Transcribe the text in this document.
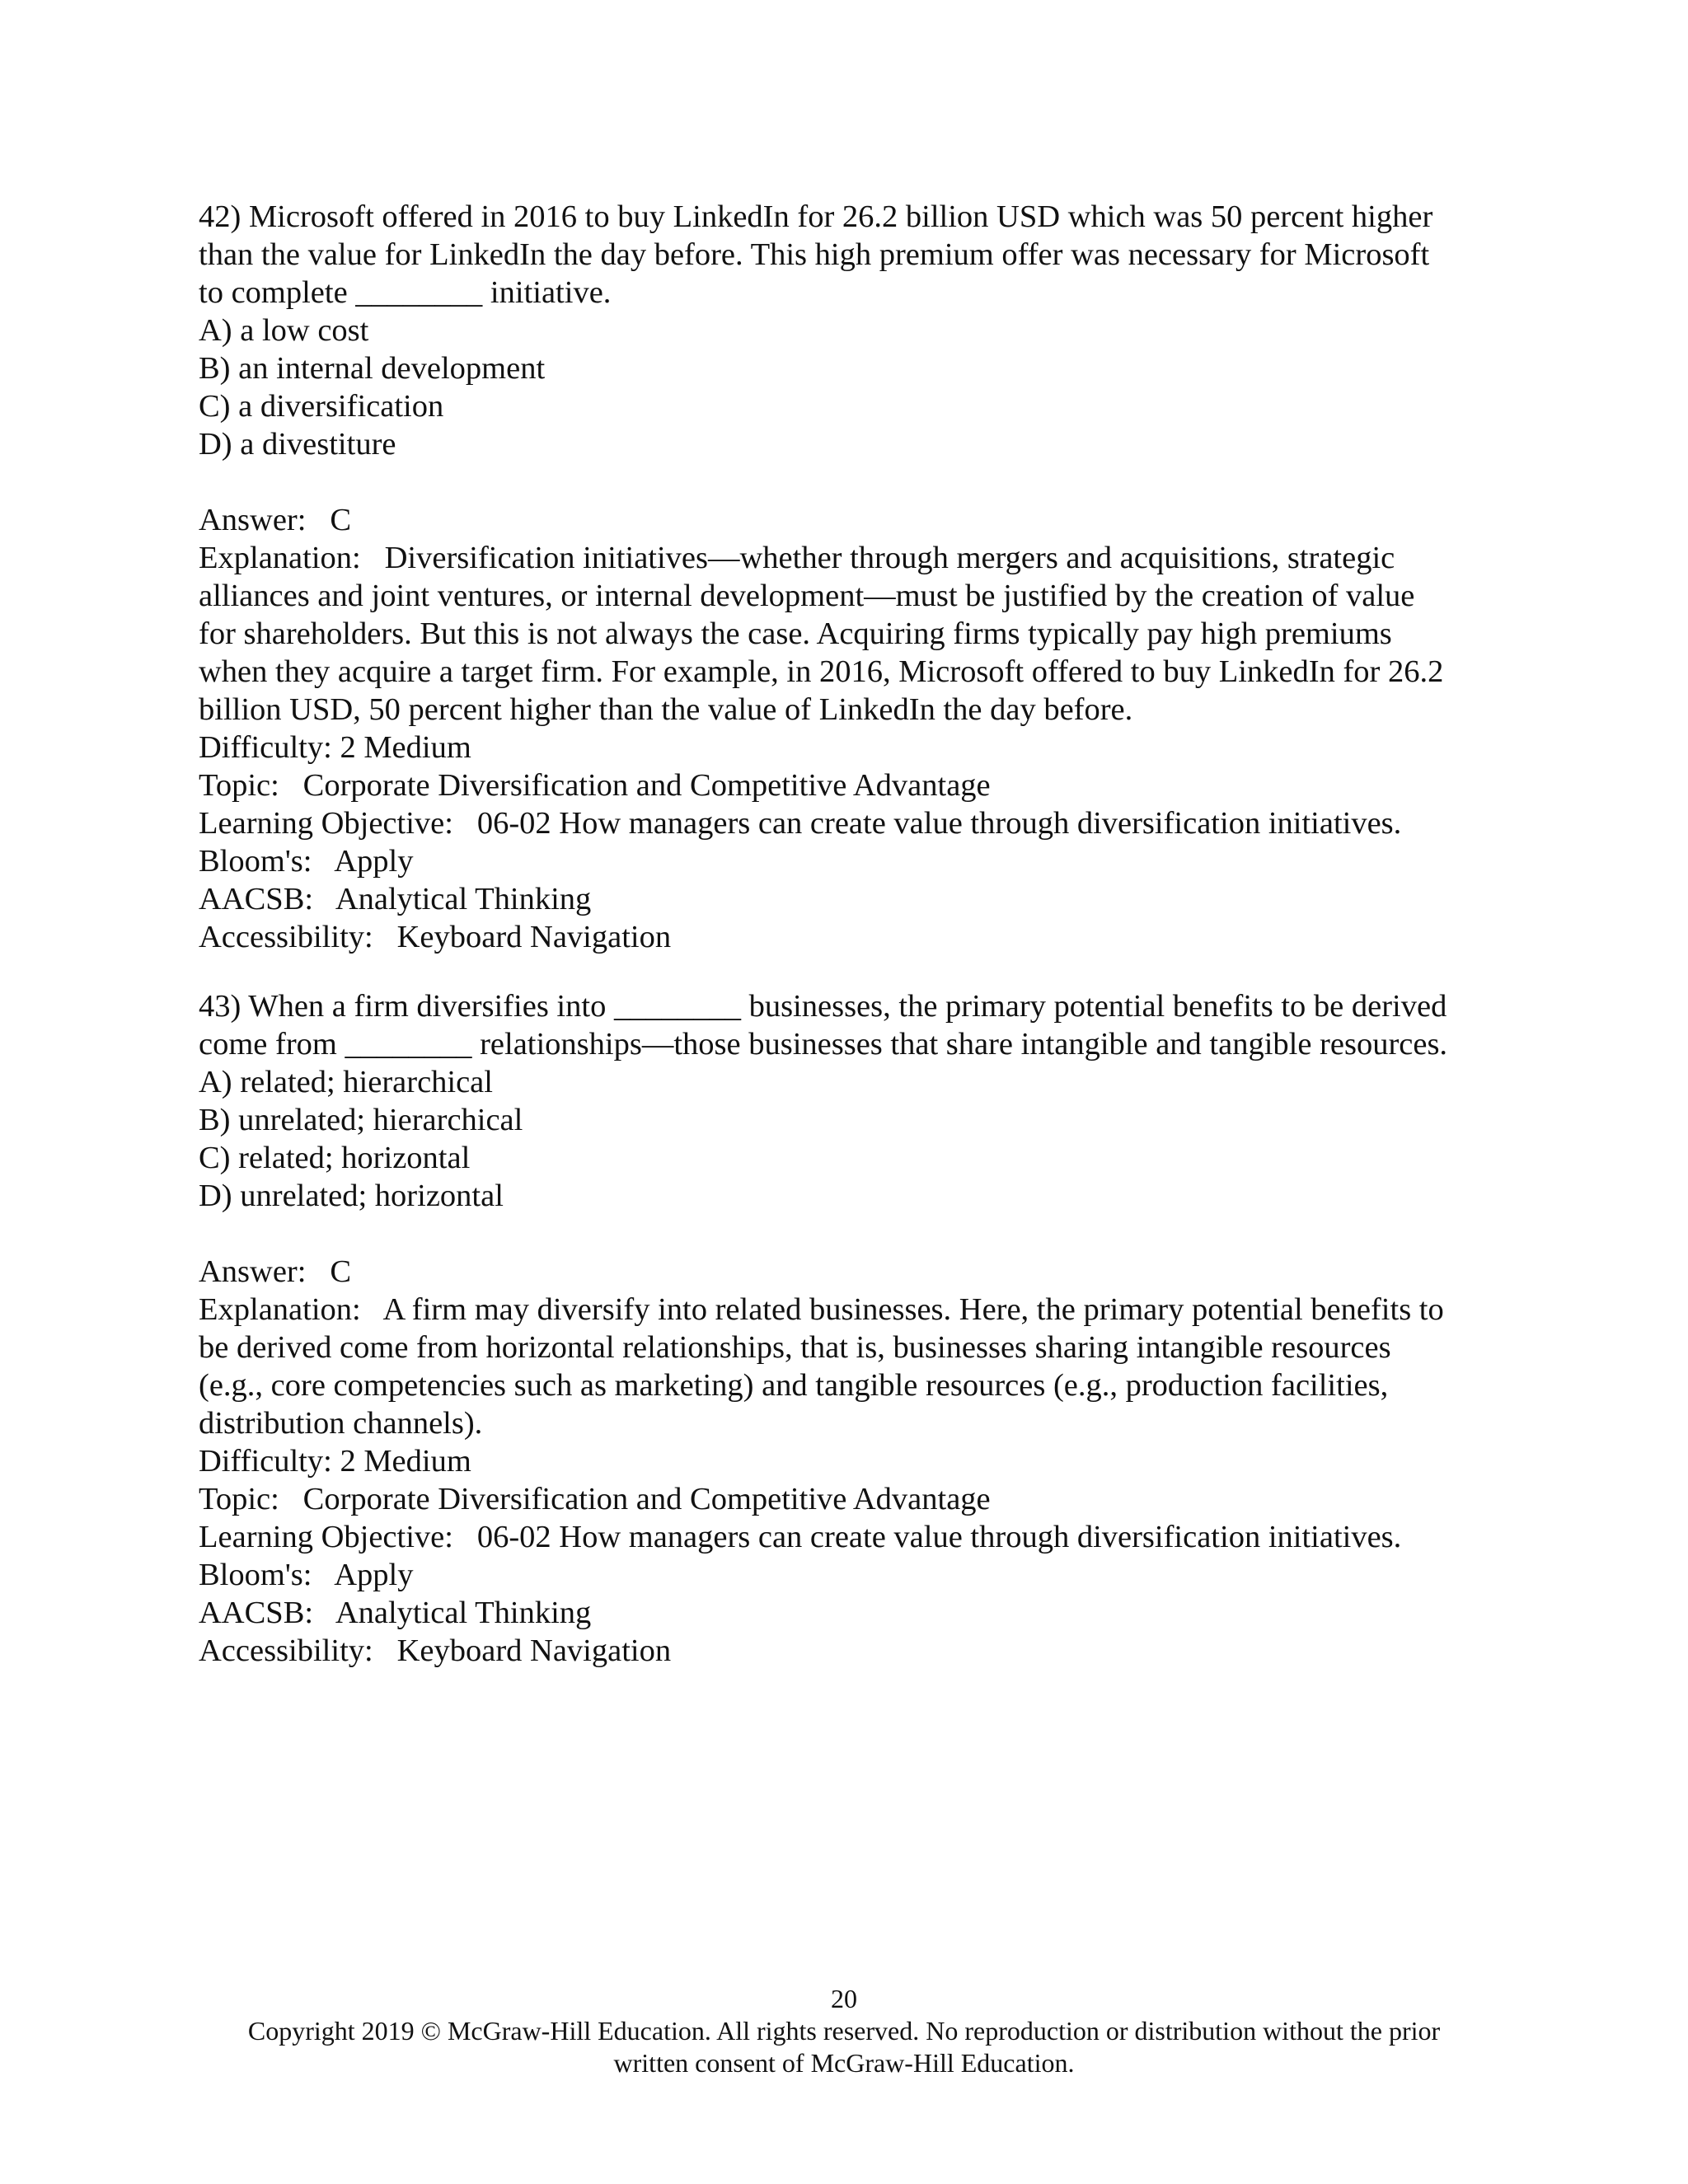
42) Microsoft offered in 2016 to buy LinkedIn for 26.2 billion USD which was 50 percent higher
than the value for LinkedIn the day before. This high premium offer was necessary for Microsoft
to complete ________ initiative.
A) a low cost
B) an internal development
C) a diversification
D) a divestiture
Answer:   C
Explanation:   Diversification initiatives—whether through mergers and acquisitions, strategic
alliances and joint ventures, or internal development—must be justified by the creation of value
for shareholders. But this is not always the case. Acquiring firms typically pay high premiums
when they acquire a target firm. For example, in 2016, Microsoft offered to buy LinkedIn for 26.2
billion USD, 50 percent higher than the value of LinkedIn the day before.
Difficulty: 2 Medium
Topic:   Corporate Diversification and Competitive Advantage
Learning Objective:   06-02 How managers can create value through diversification initiatives.
Bloom's:   Apply
AACSB:   Analytical Thinking
Accessibility:   Keyboard Navigation
43) When a firm diversifies into ________ businesses, the primary potential benefits to be derived
come from ________ relationships—those businesses that share intangible and tangible resources.
A) related; hierarchical
B) unrelated; hierarchical
C) related; horizontal
D) unrelated; horizontal
Answer:   C
Explanation:   A firm may diversify into related businesses. Here, the primary potential benefits to
be derived come from horizontal relationships, that is, businesses sharing intangible resources
(e.g., core competencies such as marketing) and tangible resources (e.g., production facilities,
distribution channels).
Difficulty: 2 Medium
Topic:   Corporate Diversification and Competitive Advantage
Learning Objective:   06-02 How managers can create value through diversification initiatives.
Bloom's:   Apply
AACSB:   Analytical Thinking
Accessibility:   Keyboard Navigation
20
Copyright 2019 © McGraw-Hill Education. All rights reserved. No reproduction or distribution without the prior
written consent of McGraw-Hill Education.
